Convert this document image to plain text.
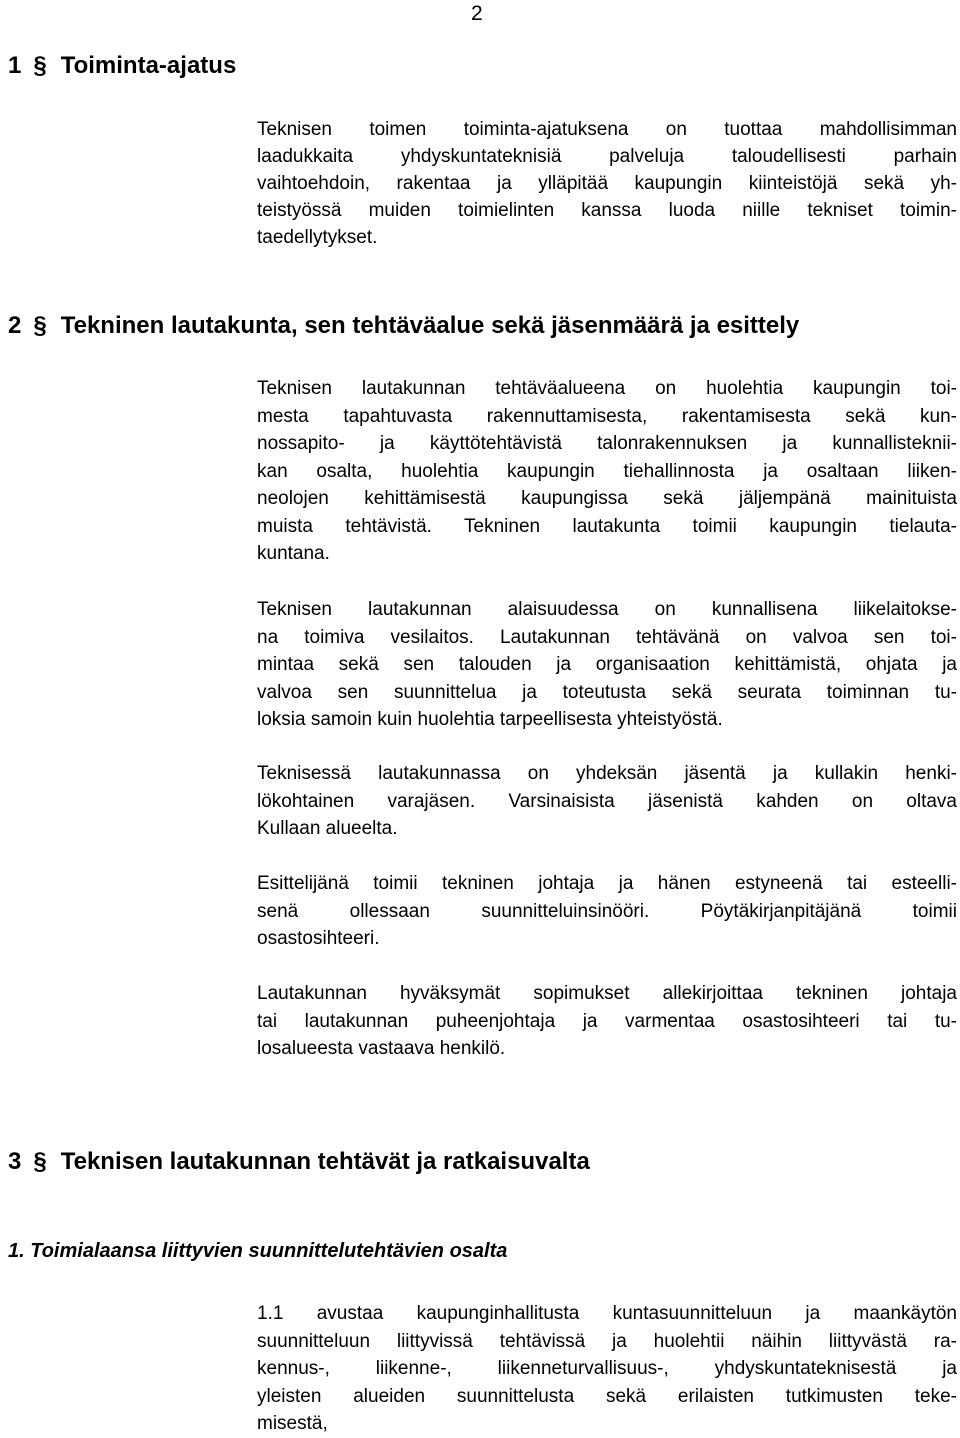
2
1 § Toiminta-ajatus
Teknisen toimen toiminta-ajatuksena on tuottaa mahdollisimman
laadukkaita yhdyskuntateknisiä palveluja taloudellisesti parhain
vaihtoehdoin, rakentaa ja ylläpitää kaupungin kiinteistöjä sekä yh-
teistyössä muiden toimielinten kanssa luoda niille tekniset toimin-
taedellytykset.
2 § Tekninen lautakunta, sen tehtäväalue sekä jäsenmäärä ja esittely
Teknisen lautakunnan tehtäväalueena on huolehtia kaupungin toi-
mesta tapahtuvasta rakennuttamisesta, rakentamisesta sekä kun-
nossapito- ja käyttötehtävistä talonrakennuksen ja kunnallisteknii-
kan osalta, huolehtia kaupungin tiehallinnosta ja osaltaan liiken-
neolojen kehittämisestä kaupungissa sekä jäljempänä mainituista
muista tehtävistä. Tekninen lautakunta toimii kaupungin tielauta-
kuntana.
Teknisen lautakunnan alaisuudessa on kunnallisena liikelaitokse-
na toimiva vesilaitos. Lautakunnan tehtävänä on valvoa sen toi-
mintaa sekä sen talouden ja organisaation kehittämistä, ohjata ja
valvoa sen suunnittelua ja toteutusta sekä seurata toiminnan tu-
loksia samoin kuin huolehtia tarpeellisesta yhteistyöstä.
Teknisessä lautakunnassa on yhdeksän jäsentä ja kullakin henki-
lökohtainen varajäsen. Varsinaisista jäsenistä kahden on oltava
Kullaan alueelta.
Esittelijänä toimii tekninen johtaja ja hänen estyneenä tai esteelli-
senä ollessaan suunnitteluinsinööri. Pöytäkirjanpitäjänä toimii
osastosihteeri.
Lautakunnan hyväksymät sopimukset allekirjoittaa tekninen johtaja
tai lautakunnan puheenjohtaja ja varmentaa osastosihteeri tai tu-
losalueesta vastaava henkilö.
3 § Teknisen lautakunnan tehtävät ja ratkaisuvalta
1. Toimialaansa liittyvien suunnittelutehtävien osalta
1.1 avustaa kaupunginhallitusta kuntasuunnitteluun ja maankäytön
suunnitteluun liittyvissä tehtävissä ja huolehtii näihin liittyvästä ra-
kennus-, liikenne-, liikenneturvallisuus-, yhdyskuntateknisestä ja
yleisten alueiden suunnittelusta sekä erilaisten tutkimusten teke-
misestä,
